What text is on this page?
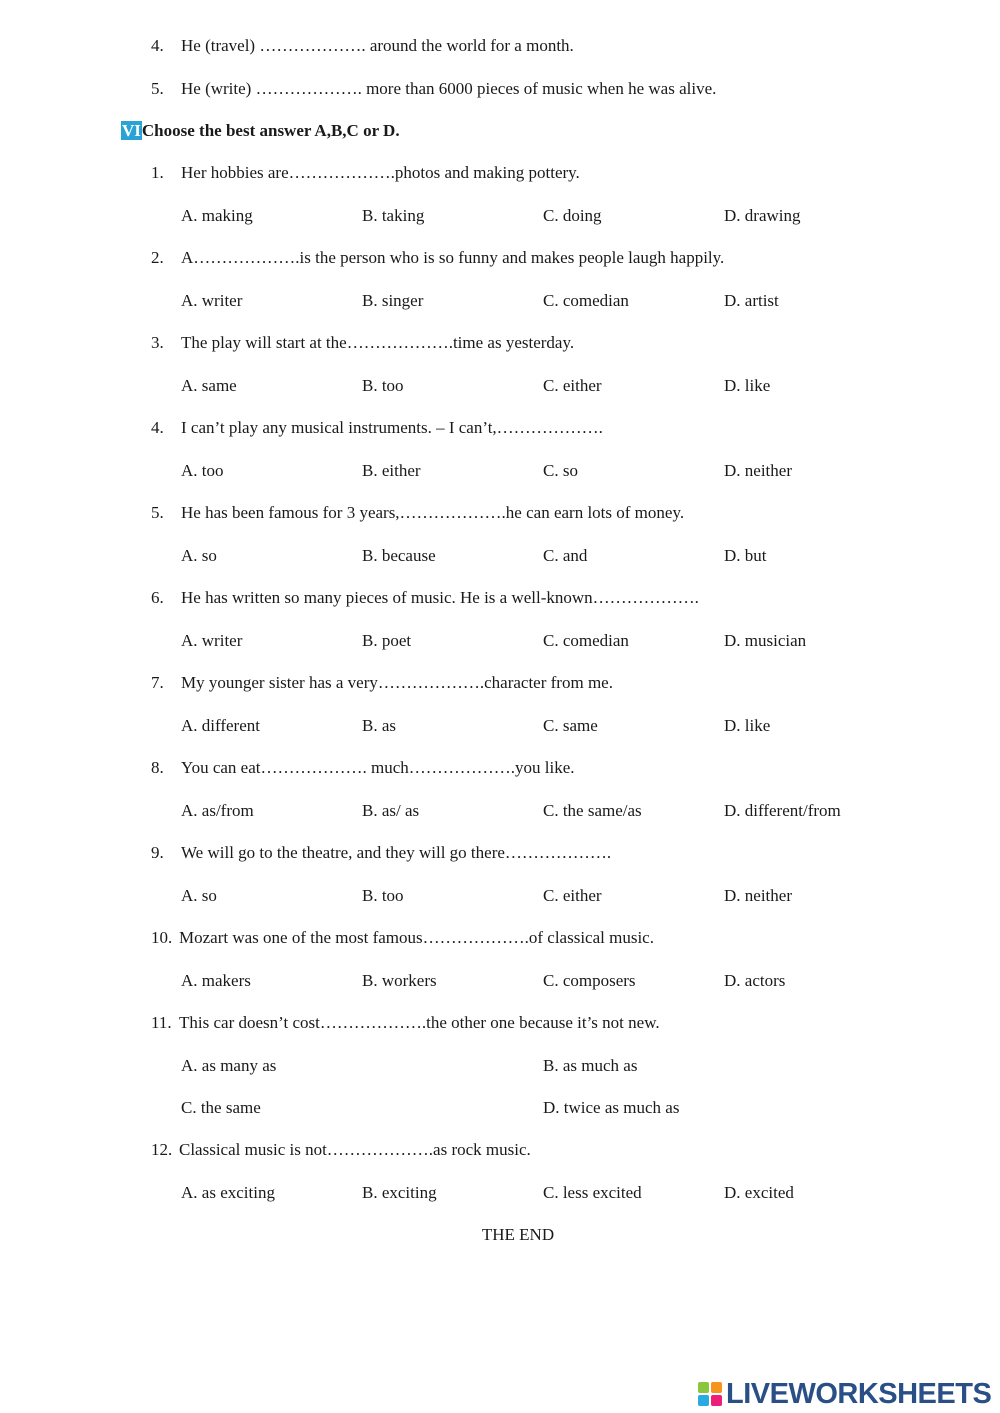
4. He (travel) ………………. around the world for a month.
5. He (write) ………………. more than 6000 pieces of music when he was alive.
VIChoose the best answer A,B,C or D.
1. Her hobbies are……………….photos and making pottery.
A. making	B. taking	C. doing	D. drawing
2. A……………….is the person who is so funny and makes people laugh happily.
A. writer	B. singer	C. comedian	D. artist
3. The play will start at the……………….time as yesterday.
A. same	B. too	C. either	D. like
4. I can’t play any musical instruments. – I can’t,……………….
A. too	B. either	C. so	D. neither
5. He has been famous for 3 years,……………….he can earn lots of money.
A. so	B. because	C. and	D. but
6. He has written so many pieces of music. He is a well-known……………….
A. writer	B. poet	C. comedian	D. musician
7. My younger sister has a very……………….character from me.
A. different	B. as	C. same	D. like
8. You can eat………………. much……………….you like.
A. as/from	B. as/ as	C. the same/as	D. different/from
9. We will go to the theatre, and they will go there……………….
A. so	B. too	C. either	D. neither
10. Mozart was one of the most famous……………….of classical music.
A. makers	B. workers	C. composers	D. actors
11. This car doesn’t cost……………….the other one because it’s not new.
A. as many as	B. as much as
C. the same	D. twice as much as
12. Classical music is not……………….as rock music.
A. as exciting	B. exciting	C. less excited	D. excited
THE END
LIVEWORKSHEETS
